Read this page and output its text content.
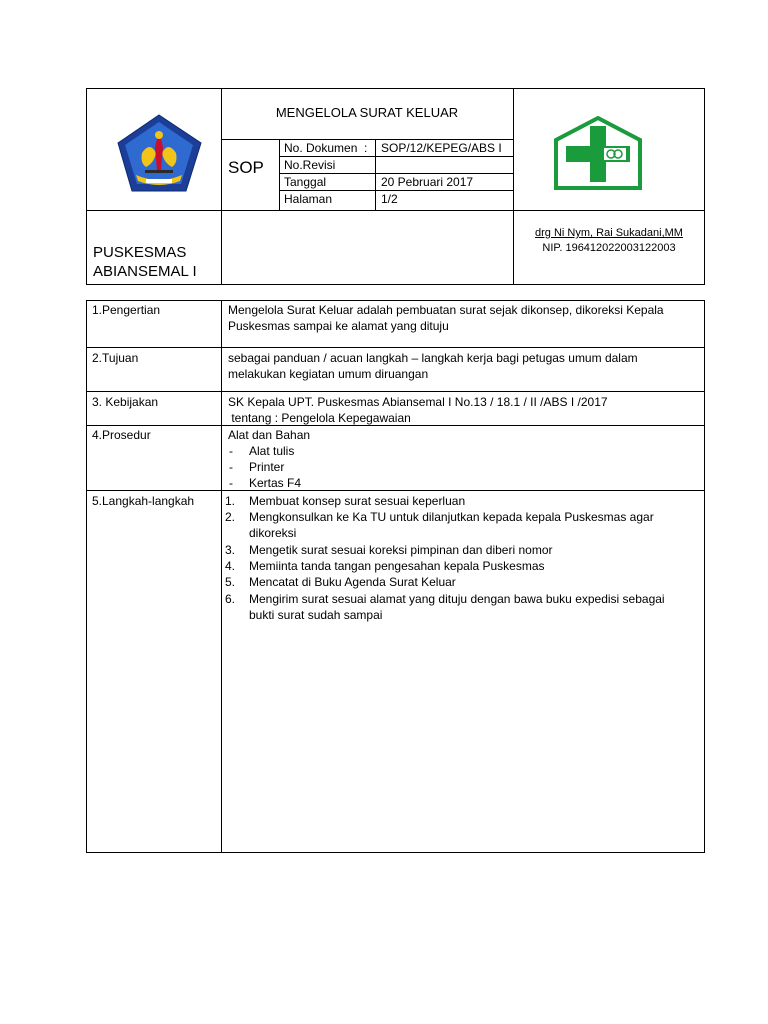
MENGELOLA SURAT KELUAR
SOP
No. Dokumen : SOP/12/KEPEG/ABS I
No.Revisi
Tanggal	20 Pebruari 2017
Halaman	1/2
PUSKESMAS
ABIANSEMAL I
drg Ni Nym, Rai Sukadani,MM
NIP. 196412022003122003
1.Pengertian	Mengelola Surat Keluar adalah pembuatan surat sejak dikonsep, dikoreksi Kepala
Puskesmas sampai ke alamat yang dituju
2.Tujuan	sebagai panduan / acuan langkah – langkah kerja bagi petugas umum dalam
melakukan kegiatan umum diruangan
3. Kebijakan	SK Kepala UPT. Puskesmas Abiansemal I No.13 / 18.1 / II /ABS I /2017
tentang : Pengelola Kepegawaian
4.Prosedur	Alat dan Bahan
- Alat tulis
- Printer
- Kertas F4
5.Langkah-langkah	1.	Membuat konsep surat sesuai keperluan
2.	Mengkonsulkan ke Ka TU untuk dilanjutkan kepada kepala Puskesmas agar
dikoreksi
3.	Mengetik surat sesuai koreksi pimpinan dan diberi nomor
4.	Memiinta tanda tangan pengesahan kepala Puskesmas
5.	Mencatat di Buku Agenda Surat Keluar
6.	Mengirim surat sesuai alamat yang dituju dengan bawa buku expedisi sebagai
bukti surat sudah sampai
